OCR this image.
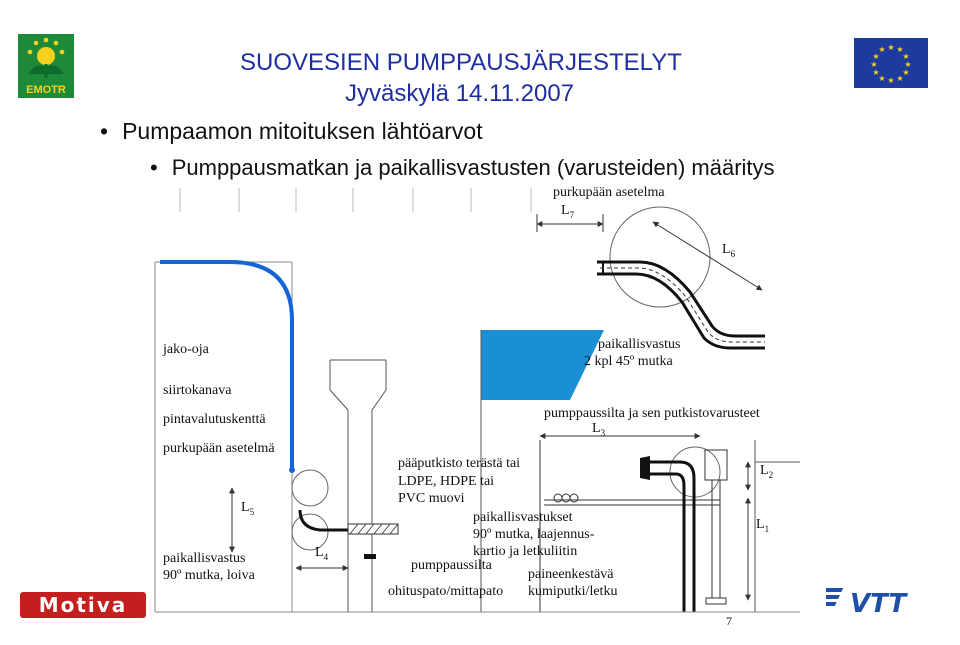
SUOVESIEN PUMPPAUSJÄRJESTELYT
Jyväskylä 14.11.2007
• Pumpaamon mitoituksen lähtöarvot
• Pumppausmatkan ja paikallisvastusten (varusteiden) määritys
EMOTR
★ ★
★
★
★
★
★
★
★
★
★
★
Motiva	VTT
purkupään asetelma
$L_7$
$L_6$
jako-oja
siirtokanava
pintavalutuskenttä
purkupään asetelmä
$L_5$
paikallisvastus
90º mutka, loiva
$L_4$
paikallisvastus
2 kpl 45º mutka
pumppaussilta ja sen putkistovarusteet
$L_3$
pääputkisto terästä tai
LDPE, HDPE tai
PVC muovi
paikallisvastukset
90º mutka, laajennus-
kartio ja letkuliitin
pumppaussilta
paineenkestävä
kumiputki/letku
ohituspato/mittapato
$L_2$
$L_1$
7
